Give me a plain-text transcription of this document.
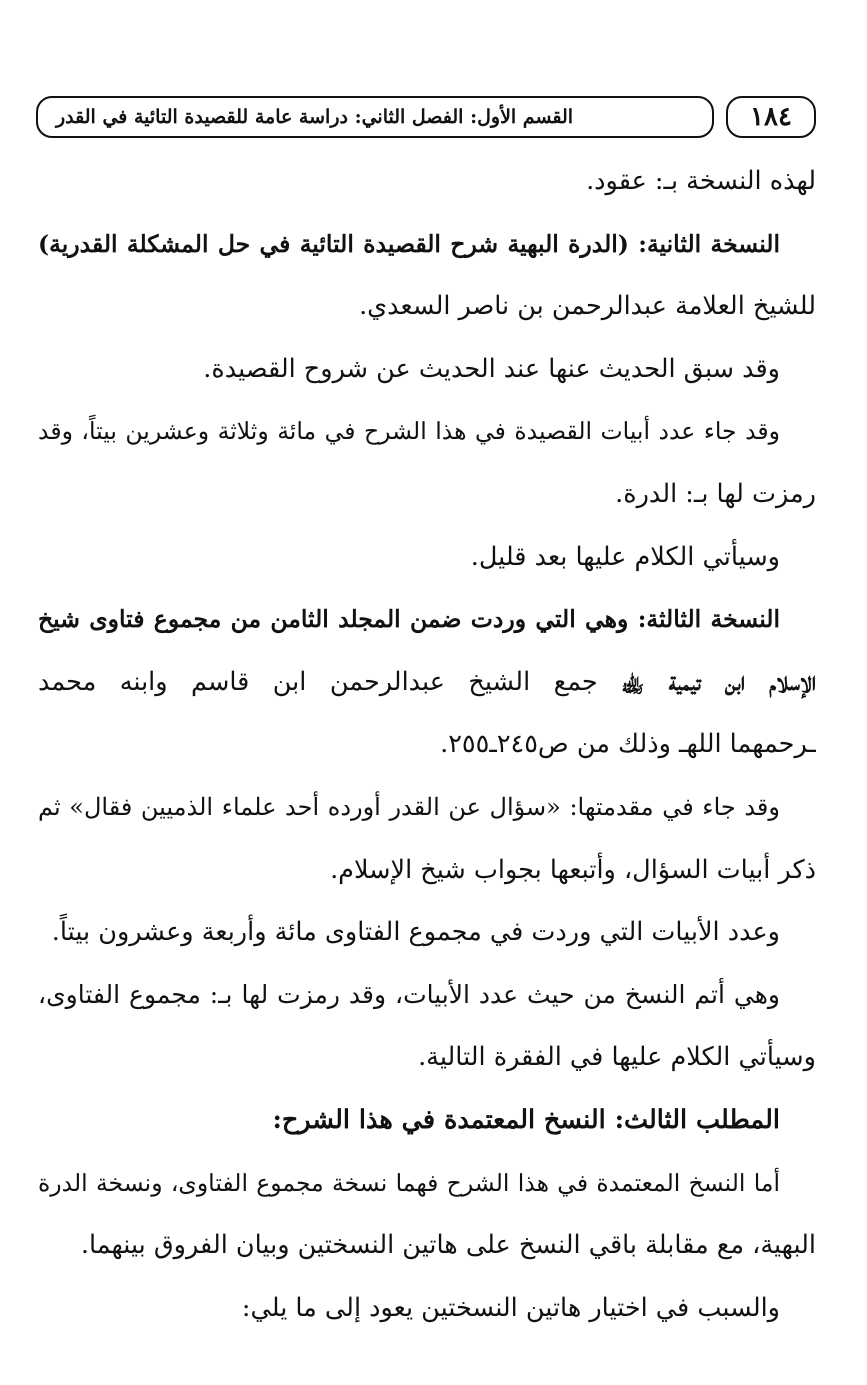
القسم الأول: الفصل الثاني: دراسة عامة للقصيدة التائية في القدر	١٨٤
لهذه النسخة بـ: عقود.
النسخة الثانية: (الدرة البهية شرح القصيدة التائية في حل المشكلة القدرية)
للشيخ العلامة عبدالرحمن بن ناصر السعدي.
وقد سبق الحديث عنها عند الحديث عن شروح القصيدة.
وقد جاء عدد أبيات القصيدة في هذا الشرح في مائة وثلاثة وعشرين بيتاً، وقد
رمزت لها بـ: الدرة.
وسيأتي الكلام عليها بعد قليل.
النسخة الثالثة: وهي التي وردت ضمن المجلد الثامن من مجموع فتاوى شيخ
الإسلام ابن تيمية ﵀ جمع الشيخ عبدالرحمن ابن قاسم وابنه محمد
ـرحمهما اللهـ وذلك من ص٢٤٥ـ٢٥٥.
وقد جاء في مقدمتها: «سؤال عن القدر أورده أحد علماء الذميين فقال» ثم
ذكر أبيات السؤال، وأتبعها بجواب شيخ الإسلام.
وعدد الأبيات التي وردت في مجموع الفتاوى مائة وأربعة وعشرون بيتاً.
وهي أتم النسخ من حيث عدد الأبيات، وقد رمزت لها بـ: مجموع الفتاوى،
وسيأتي الكلام عليها في الفقرة التالية.
المطلب الثالث: النسخ المعتمدة في هذا الشرح:
أما النسخ المعتمدة في هذا الشرح فهما نسخة مجموع الفتاوى، ونسخة الدرة
البهية، مع مقابلة باقي النسخ على هاتين النسختين وبيان الفروق بينهما.
والسبب في اختيار هاتين النسختين يعود إلى ما يلي:
